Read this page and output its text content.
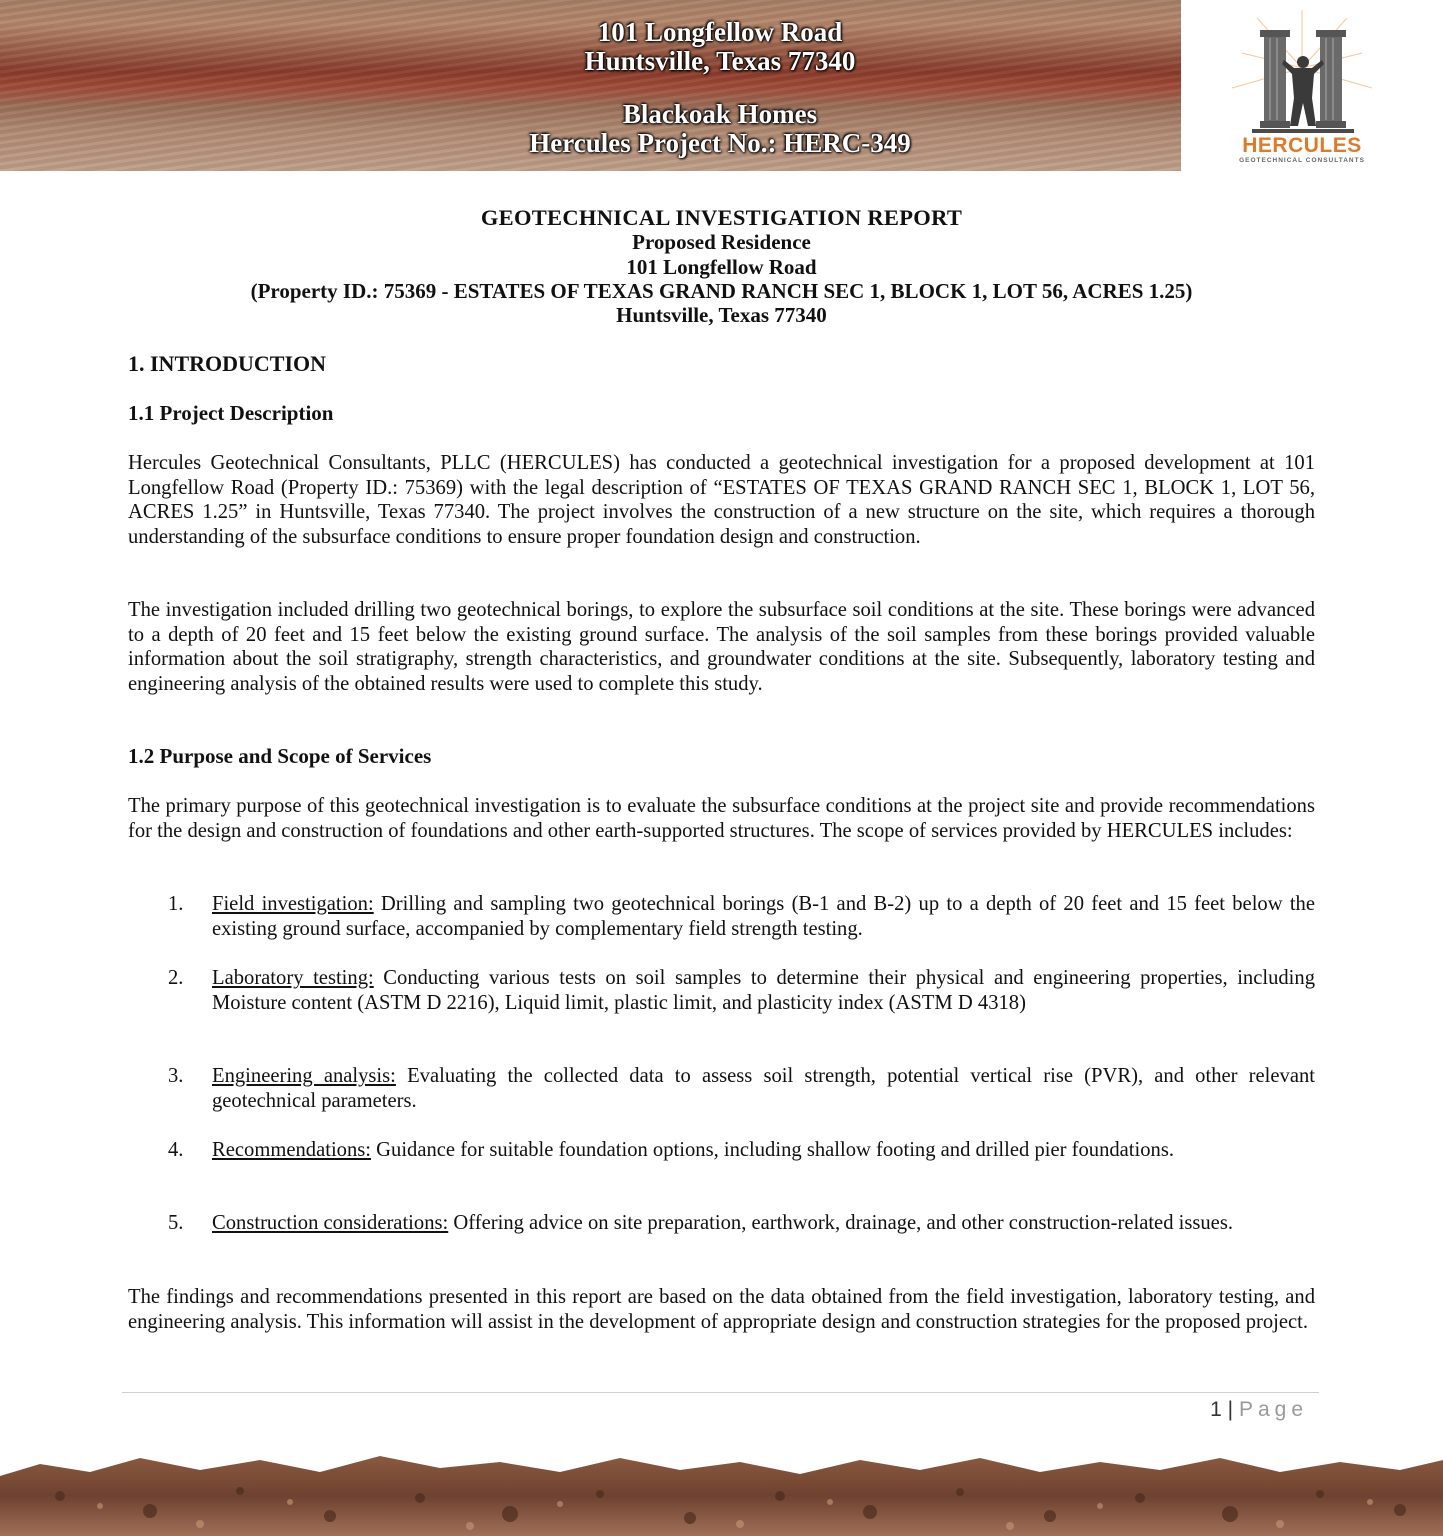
101 Longfellow Road
Huntsville, Texas 77340
Blackoak Homes
Hercules Project No.: HERC-349	HERCULES
GEOTECHNICAL CONSULTANTS
GEOTECHNICAL INVESTIGATION REPORT
Proposed Residence
101 Longfellow Road
(Property ID.: 75369 - ESTATES OF TEXAS GRAND RANCH SEC 1, BLOCK 1, LOT 56, ACRES 1.25)
Huntsville, Texas 77340
1. INTRODUCTION
1.1 Project Description

Hercules Geotechnical Consultants, PLLC (HERCULES) has conducted a geotechnical investigation for a proposed development at 101 Longfellow Road (Property ID.: 75369) with the legal description of “ESTATES OF TEXAS GRAND RANCH SEC 1, BLOCK 1, LOT 56, ACRES 1.25” in Huntsville, Texas 77340. The project involves the construction of a new structure on the site, which requires a thorough understanding of the subsurface conditions to ensure proper foundation design and construction.

The investigation included drilling two geotechnical borings, to explore the subsurface soil conditions at the site. These borings were advanced to a depth of 20 feet and 15 feet below the existing ground surface. The analysis of the soil samples from these borings provided valuable information about the soil stratigraphy, strength characteristics, and groundwater conditions at the site. Subsequently, laboratory testing and engineering analysis of the obtained results were used to complete this study.

1.2 Purpose and Scope of Services

The primary purpose of this geotechnical investigation is to evaluate the subsurface conditions at the project site and provide recommendations for the design and construction of foundations and other earth-supported structures. The scope of services provided by HERCULES includes:

1.	Field investigation: Drilling and sampling two geotechnical borings (B-1 and B-2) up to a depth of 20 feet and 15 feet below the existing ground surface, accompanied by complementary field strength testing.
2.	Laboratory testing: Conducting various tests on soil samples to determine their physical and engineering properties, including Moisture content (ASTM D 2216), Liquid limit, plastic limit, and plasticity index (ASTM D 4318)
3.	Engineering analysis: Evaluating the collected data to assess soil strength, potential vertical rise (PVR), and other relevant geotechnical parameters.
4.	Recommendations: Guidance for suitable foundation options, including shallow footing and drilled pier foundations.
5.	Construction considerations: Offering advice on site preparation, earthwork, drainage, and other construction-related issues.

The findings and recommendations presented in this report are based on the data obtained from the field investigation, laboratory testing, and engineering analysis. This information will assist in the development of appropriate design and construction strategies for the proposed project.

1 | Page
